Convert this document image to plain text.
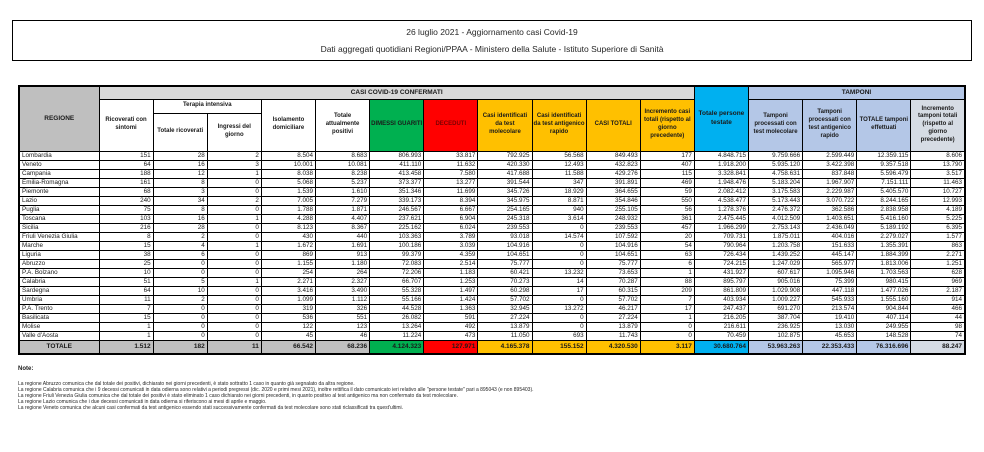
26 luglio 2021 - Aggiornamento casi Covid-19
Dati aggregati quotidiani Regioni/PPAA - Ministero della Salute - Istituto Superiore di Sanità
REGIONE	CASI COVID-19 CONFERMATI											Totale persone testate	TAMPONI			
	Ricoverati con sintomi	Terapia intensiva		Isolamento domiciliare	Totale attualmente positivi	DIMESSI GUARITI	DECEDUTI	Casi identificati da test molecolare	Casi identificati da test antigenico rapido	CASI TOTALI	Incremento casi totali (rispetto al giorno precedente)		Tamponi processati con test molecolare	Tamponi processati con test antigenico rapido	TOTALE tamponi effettuati	Incremento tamponi totali (rispetto al giorno precedente)
		Totale ricoverati	Ingressi del giorno													
Lombardia	151	28	2	8.504	8.683	806.993	33.817	792.925	56.568	849.493	177	4.848.715	9.759.666	2.599.449	12.359.115	8.606
Veneto	64	16	3	10.001	10.081	411.110	11.632	420.330	12.493	432.823	407	1.918.200	5.935.120	3.422.398	9.357.518	13.790
Campania	188	12	1	8.038	8.238	413.458	7.580	417.688	11.588	429.276	115	3.328.841	4.758.631	837.848	5.596.479	3.517
Emilia-Romagna	161	8	0	5.068	5.237	373.377	13.277	391.544	347	391.891	469	1.948.476	5.183.204	1.967.907	7.151.111	11.463
Piemonte	68	3	0	1.539	1.610	351.346	11.699	345.726	18.929	364.655	59	2.082.412	3.175.583	2.229.987	5.405.570	10.727
Lazio	240	34	2	7.005	7.279	339.173	8.394	345.975	8.871	354.846	550	4.538.477	5.173.443	3.070.722	8.244.165	12.993
Puglia	75	8	0	1.788	1.871	246.567	6.667	254.165	940	255.105	56	1.278.376	2.476.372	362.586	2.838.958	4.189
Toscana	103	16	1	4.288	4.407	237.621	6.904	245.318	3.614	248.932	361	2.475.445	4.012.509	1.403.651	5.416.160	5.225
Sicilia	216	28	0	8.123	8.367	225.162	6.024	239.553	0	239.553	457	1.966.299	2.753.143	2.436.049	5.189.192	6.395
Friuli Venezia Giulia	8	2	0	430	440	103.363	3.789	93.018	14.574	107.592	20	709.731	1.875.011	404.016	2.279.027	1.577
Marche	15	4	1	1.672	1.691	100.186	3.039	104.916	0	104.916	54	790.964	1.203.758	151.633	1.355.391	863
Liguria	38	6	0	869	913	99.379	4.359	104.651	0	104.651	63	726.434	1.439.252	445.147	1.884.399	2.271
Abruzzo	25	0	0	1.155	1.180	72.083	2.514	75.777	0	75.777	6	724.215	1.247.029	565.977	1.813.006	1.251
P.A. Bolzano	10	0	0	254	264	72.206	1.183	60.421	13.232	73.653	1	431.927	607.617	1.095.946	1.703.563	628
Calabria	51	5	1	2.271	2.327	66.707	1.253	70.273	14	70.287	88	895.797	905.016	75.399	980.415	969
Sardegna	64	10	0	3.416	3.490	55.328	1.497	60.298	17	60.315	209	861.809	1.029.908	447.118	1.477.026	2.187
Umbria	11	2	0	1.099	1.112	55.166	1.424	57.702	0	57.702	7	403.934	1.009.227	545.933	1.555.160	914
P.A. Trento	7	0	0	319	326	44.528	1.363	32.945	13.272	46.217	17	247.437	691.270	213.574	904.844	466
Basilicata	15	0	0	536	551	26.082	591	27.224	0	27.224	1	216.205	387.704	19.410	407.114	44
Molise	1	0	0	122	123	13.264	492	13.879	0	13.879	0	216.611	236.925	13.030	249.955	98
Valle d'Aosta	1	0	0	45	46	11.224	473	11.050	693	11.743	0	70.459	102.875	45.653	148.528	74
TOTALE	1.512	182	11	66.542	68.236	4.124.323	127.971	4.165.378	155.152	4.320.530	3.117	30.680.764	53.963.263	22.353.433	76.316.696	88.247
Note:
La regione Abruzzo comunica che dal totale dei positivi, dichiarato nei giorni precedenti, è stato sottratto 1 caso in quanto già segnalato da altra regione.
La regione Calabria comunica che i 9 decessi comunicati in data odierna sono relativi a periodi pregressi (dic. 2020 e primi mesi 2021), inoltre rettifica il dato comunicato ieri relativo alle "persone testate" pari a 895043 (e non 895403).
La regione Friuli Venezia Giulia comunica che dal totale dei positivi è stato eliminato 1 caso dichiarato nei giorni precedenti, in quanto positivo al test antigenico ma non confermato da test molecolare.
La regione Lazio comunica che i due decessi comunicati in data odierna si riferiscono ai mesi di aprile e maggio.
La regione Veneto comunica che alcuni casi confermati da test antigenico essendo stati successivamente confermati da test molecolare sono stati riclassificati tra quest'ultimi.
